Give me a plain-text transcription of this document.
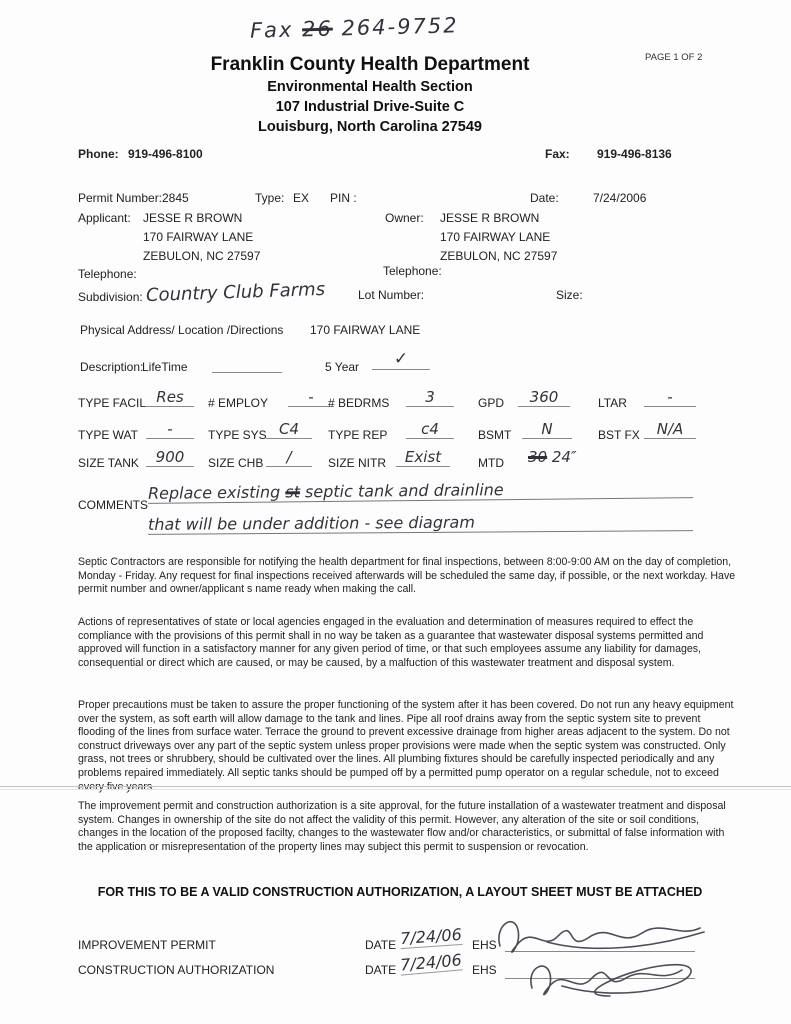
Fax 26 264-9752
Franklin County Health Department
Environmental Health Section
107 Industrial Drive-Suite C
Louisburg, North Carolina 27549
PAGE 1 OF 2
Phone: 919-496-8100	Fax: 919-496-8136
Permit Number: 2845	Type: EX PIN :	Date:	7/24/2006
Applicant: JESSE R BROWN
170 FAIRWAY LANE
ZEBULON, NC 27597
Owner: JESSE R BROWN
170 FAIRWAY LANE
ZEBULON, NC 27597
Telephone:	Telephone:
Subdivision: Country Club Farms	Lot Number:	Size:
Physical Address/ Location /Directions 170 FAIRWAY LANE
Description:
LifeTime	5 Year	✓
TYPE FACIL Res	# EMPLOY	-	# BEDRMS	3	GPD	360	LTAR	-
TYPE WAT	-	TYPE SYS C4	TYPE REP	c4	BSMT	N	BST FX	N/A
SIZE TANK	900	SIZE CHB	/	SIZE NITR	Exist	MTD 30 24″
COMMENTS
Replace existing st septic tank and drainline
that will be under addition - see diagram
Septic Contractors are responsible for notifying the health department for final inspections, between 8:00-9:00 AM on the day of completion, Monday - Friday. Any request for final inspections received afterwards will be scheduled the same day, if possible, or the next workday. Have permit number and owner/applicant s name ready when making the call.
Actions of representatives of state or local agencies engaged in the evaluation and determination of measures required to effect the compliance with the provisions of this permit shall in no way be taken as a guarantee that wastewater disposal systems permitted and approved will function in a satisfactory manner for any given period of time, or that such employees assume any liability for damages, consequential or direct which are caused, or may be caused, by a malfuction of this wastewater treatment and disposal system.
Proper precautions must be taken to assure the proper functioning of the system after it has been covered. Do not run any heavy equipment over the system, as soft earth will allow damage to the tank and lines. Pipe all roof drains away from the septic system site to prevent flooding of the lines from surface water. Terrace the ground to prevent excessive drainage from higher areas adjacent to the system. Do not construct driveways over any part of the septic system unless proper provisions were made when the septic system was constructed. Only grass, not trees or shrubbery, should be cultivated over the lines. All plumbing fixtures should be carefully inspected periodically and any problems repaired immediately. All septic tanks should be pumped off by a permitted pump operator on a regular schedule, not to exceed every five years.
The improvement permit and construction authorization is a site approval, for the future installation of a wastewater treatment and disposal system. Changes in ownership of the site do not affect the validity of this permit. However, any alteration of the site or soil conditions, changes in the location of the proposed facilty, changes to the wastewater flow and/or characteristics, or submittal of false information with the application or misrepresentation of the property lines may subject this permit to suspension or revocation.
FOR THIS TO BE A VALID CONSTRUCTION AUTHORIZATION, A LAYOUT SHEET MUST BE ATTACHED
IMPROVEMENT PERMIT	DATE 7/24/06 EHS
CONSTRUCTION AUTHORIZATION	DATE 7/24/06 EHS
